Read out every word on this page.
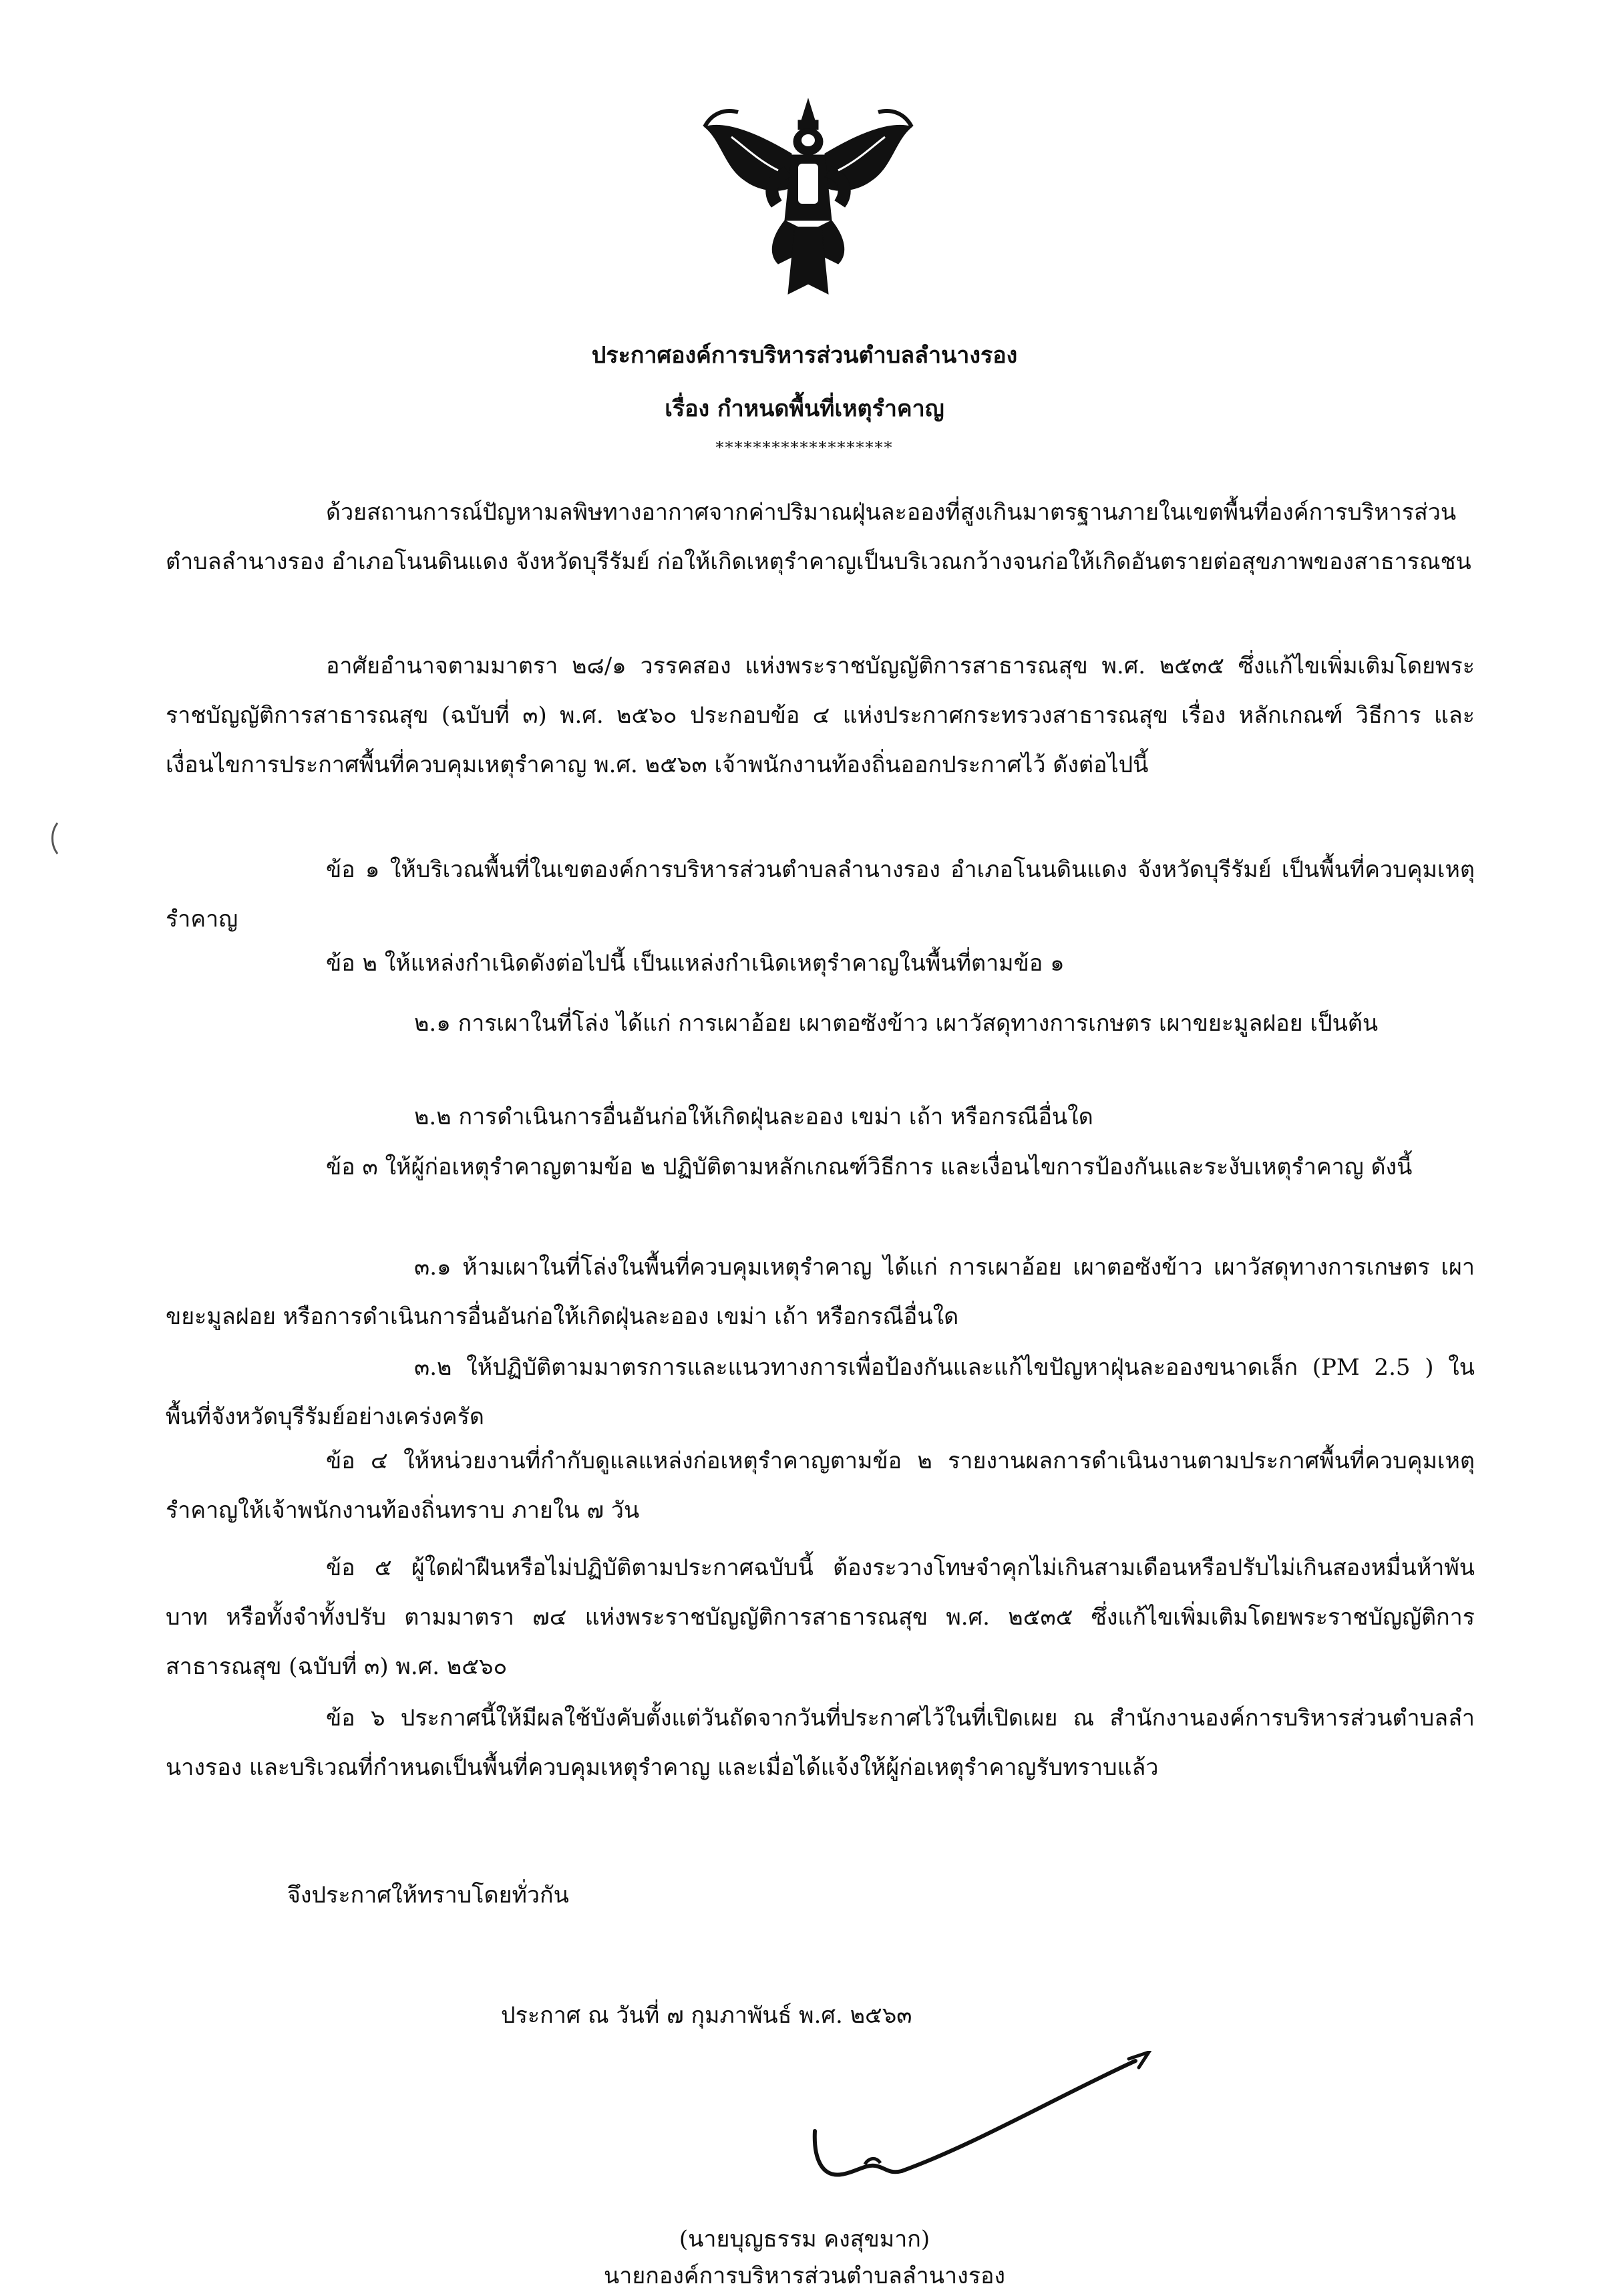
ประกาศองค์การบริหารส่วนตำบลลำนางรอง
เรื่อง กำหนดพื้นที่เหตุรำคาญ
*******************
ด้วยสถานการณ์ปัญหามลพิษทางอากาศจากค่าปริมาณฝุ่นละอองที่สูงเกินมาตรฐานภายในเขตพื้นที่องค์การบริหารส่วนตำบลลำนางรอง อำเภอโนนดินแดง จังหวัดบุรีรัมย์ ก่อให้เกิดเหตุรำคาญเป็นบริเวณกว้างจนก่อให้เกิดอันตรายต่อสุขภาพของสาธารณชน
อาศัยอำนาจตามมาตรา ๒๘/๑ วรรคสอง แห่งพระราชบัญญัติการสาธารณสุข พ.ศ. ๒๕๓๕ ซึ่งแก้ไขเพิ่มเติมโดยพระราชบัญญัติการสาธารณสุข (ฉบับที่ ๓) พ.ศ. ๒๕๖๐ ประกอบข้อ ๔ แห่งประกาศกระทรวงสาธารณสุข เรื่อง หลักเกณฑ์ วิธีการ และเงื่อนไขการประกาศพื้นที่ควบคุมเหตุรำคาญ พ.ศ. ๒๕๖๓ เจ้าพนักงานท้องถิ่นออกประกาศไว้ ดังต่อไปนี้
ข้อ ๑ ให้บริเวณพื้นที่ในเขตองค์การบริหารส่วนตำบลลำนางรอง อำเภอโนนดินแดง จังหวัดบุรีรัมย์ เป็นพื้นที่ควบคุมเหตุรำคาญ
ข้อ ๒ ให้แหล่งกำเนิดดังต่อไปนี้ เป็นแหล่งกำเนิดเหตุรำคาญในพื้นที่ตามข้อ ๑
๒.๑ การเผาในที่โล่ง ได้แก่ การเผาอ้อย เผาตอซังข้าว เผาวัสดุทางการเกษตร เผาขยะมูลฝอย เป็นต้น
๒.๒ การดำเนินการอื่นอันก่อให้เกิดฝุ่นละออง เขม่า เถ้า หรือกรณีอื่นใด
ข้อ ๓ ให้ผู้ก่อเหตุรำคาญตามข้อ ๒ ปฏิบัติตามหลักเกณฑ์วิธีการ และเงื่อนไขการป้องกันและระงับเหตุรำคาญ ดังนี้
๓.๑ ห้ามเผาในที่โล่งในพื้นที่ควบคุมเหตุรำคาญ ได้แก่ การเผาอ้อย เผาตอซังข้าว เผาวัสดุทางการเกษตร เผาขยะมูลฝอย หรือการดำเนินการอื่นอันก่อให้เกิดฝุ่นละออง เขม่า เถ้า หรือกรณีอื่นใด
๓.๒ ให้ปฏิบัติตามมาตรการและแนวทางการเพื่อป้องกันและแก้ไขปัญหาฝุ่นละอองขนาดเล็ก (PM 2.5 ) ในพื้นที่จังหวัดบุรีรัมย์อย่างเคร่งครัด
ข้อ ๔ ให้หน่วยงานที่กำกับดูแลแหล่งก่อเหตุรำคาญตามข้อ ๒ รายงานผลการดำเนินงานตามประกาศพื้นที่ควบคุมเหตุรำคาญให้เจ้าพนักงานท้องถิ่นทราบ ภายใน ๗ วัน
ข้อ ๕ ผู้ใดฝ่าฝืนหรือไม่ปฏิบัติตามประกาศฉบับนี้ ต้องระวางโทษจำคุกไม่เกินสามเดือนหรือปรับไม่เกินสองหมื่นห้าพันบาท หรือทั้งจำทั้งปรับ ตามมาตรา ๗๔ แห่งพระราชบัญญัติการสาธารณสุข พ.ศ. ๒๕๓๕ ซึ่งแก้ไขเพิ่มเติมโดยพระราชบัญญัติการสาธารณสุข (ฉบับที่ ๓) พ.ศ. ๒๕๖๐
ข้อ ๖ ประกาศนี้ให้มีผลใช้บังคับตั้งแต่วันถัดจากวันที่ประกาศไว้ในที่เปิดเผย ณ สำนักงานองค์การบริหารส่วนตำบลลำนางรอง และบริเวณที่กำหนดเป็นพื้นที่ควบคุมเหตุรำคาญ และเมื่อได้แจ้งให้ผู้ก่อเหตุรำคาญรับทราบแล้ว
จึงประกาศให้ทราบโดยทั่วกัน
ประกาศ ณ วันที่ ๗ กุมภาพันธ์ พ.ศ. ๒๕๖๓
(นายบุญธรรม คงสุขมาก)
นายกองค์การบริหารส่วนตำบลลำนางรอง
